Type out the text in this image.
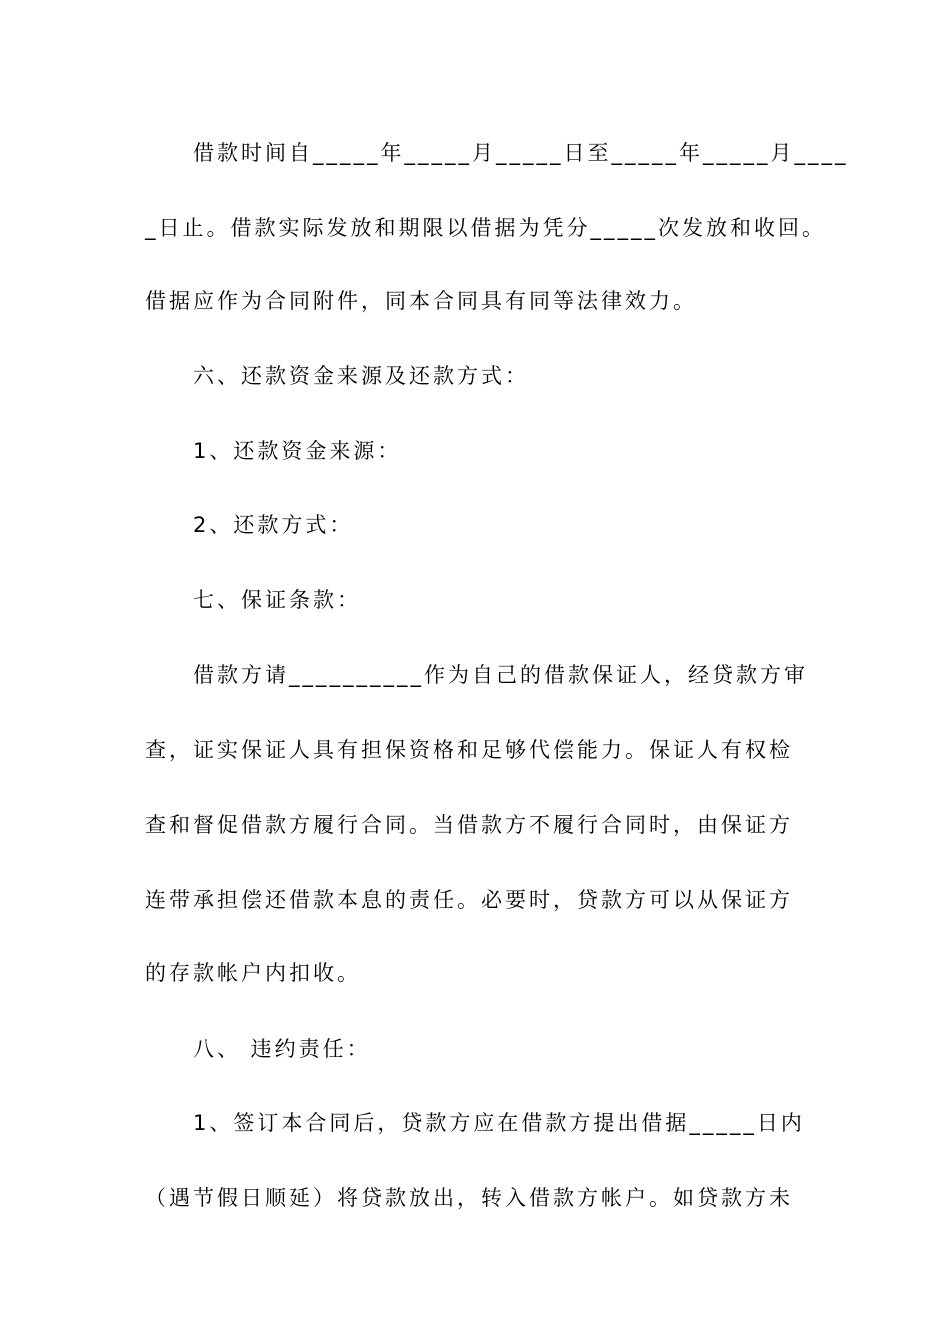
借款时间自_____年_____月_____日至_____年_____月____
_日止。借款实际发放和期限以借据为凭分_____次发放和收回。
借据应作为合同附件，同本合同具有同等法律效力。
六、还款资金来源及还款方式：
1、还款资金来源：
2、还款方式：
七、保证条款：
借款方请__________作为自己的借款保证人，经贷款方审
查，证实保证人具有担保资格和足够代偿能力。保证人有权检
查和督促借款方履行合同。当借款方不履行合同时，由保证方
连带承担偿还借款本息的责任。必要时，贷款方可以从保证方
的存款帐户内扣收。
八、 违约责任：
1、签订本合同后，贷款方应在借款方提出借据_____日内
（遇节假日顺延）将贷款放出，转入借款方帐户。如贷款方未
